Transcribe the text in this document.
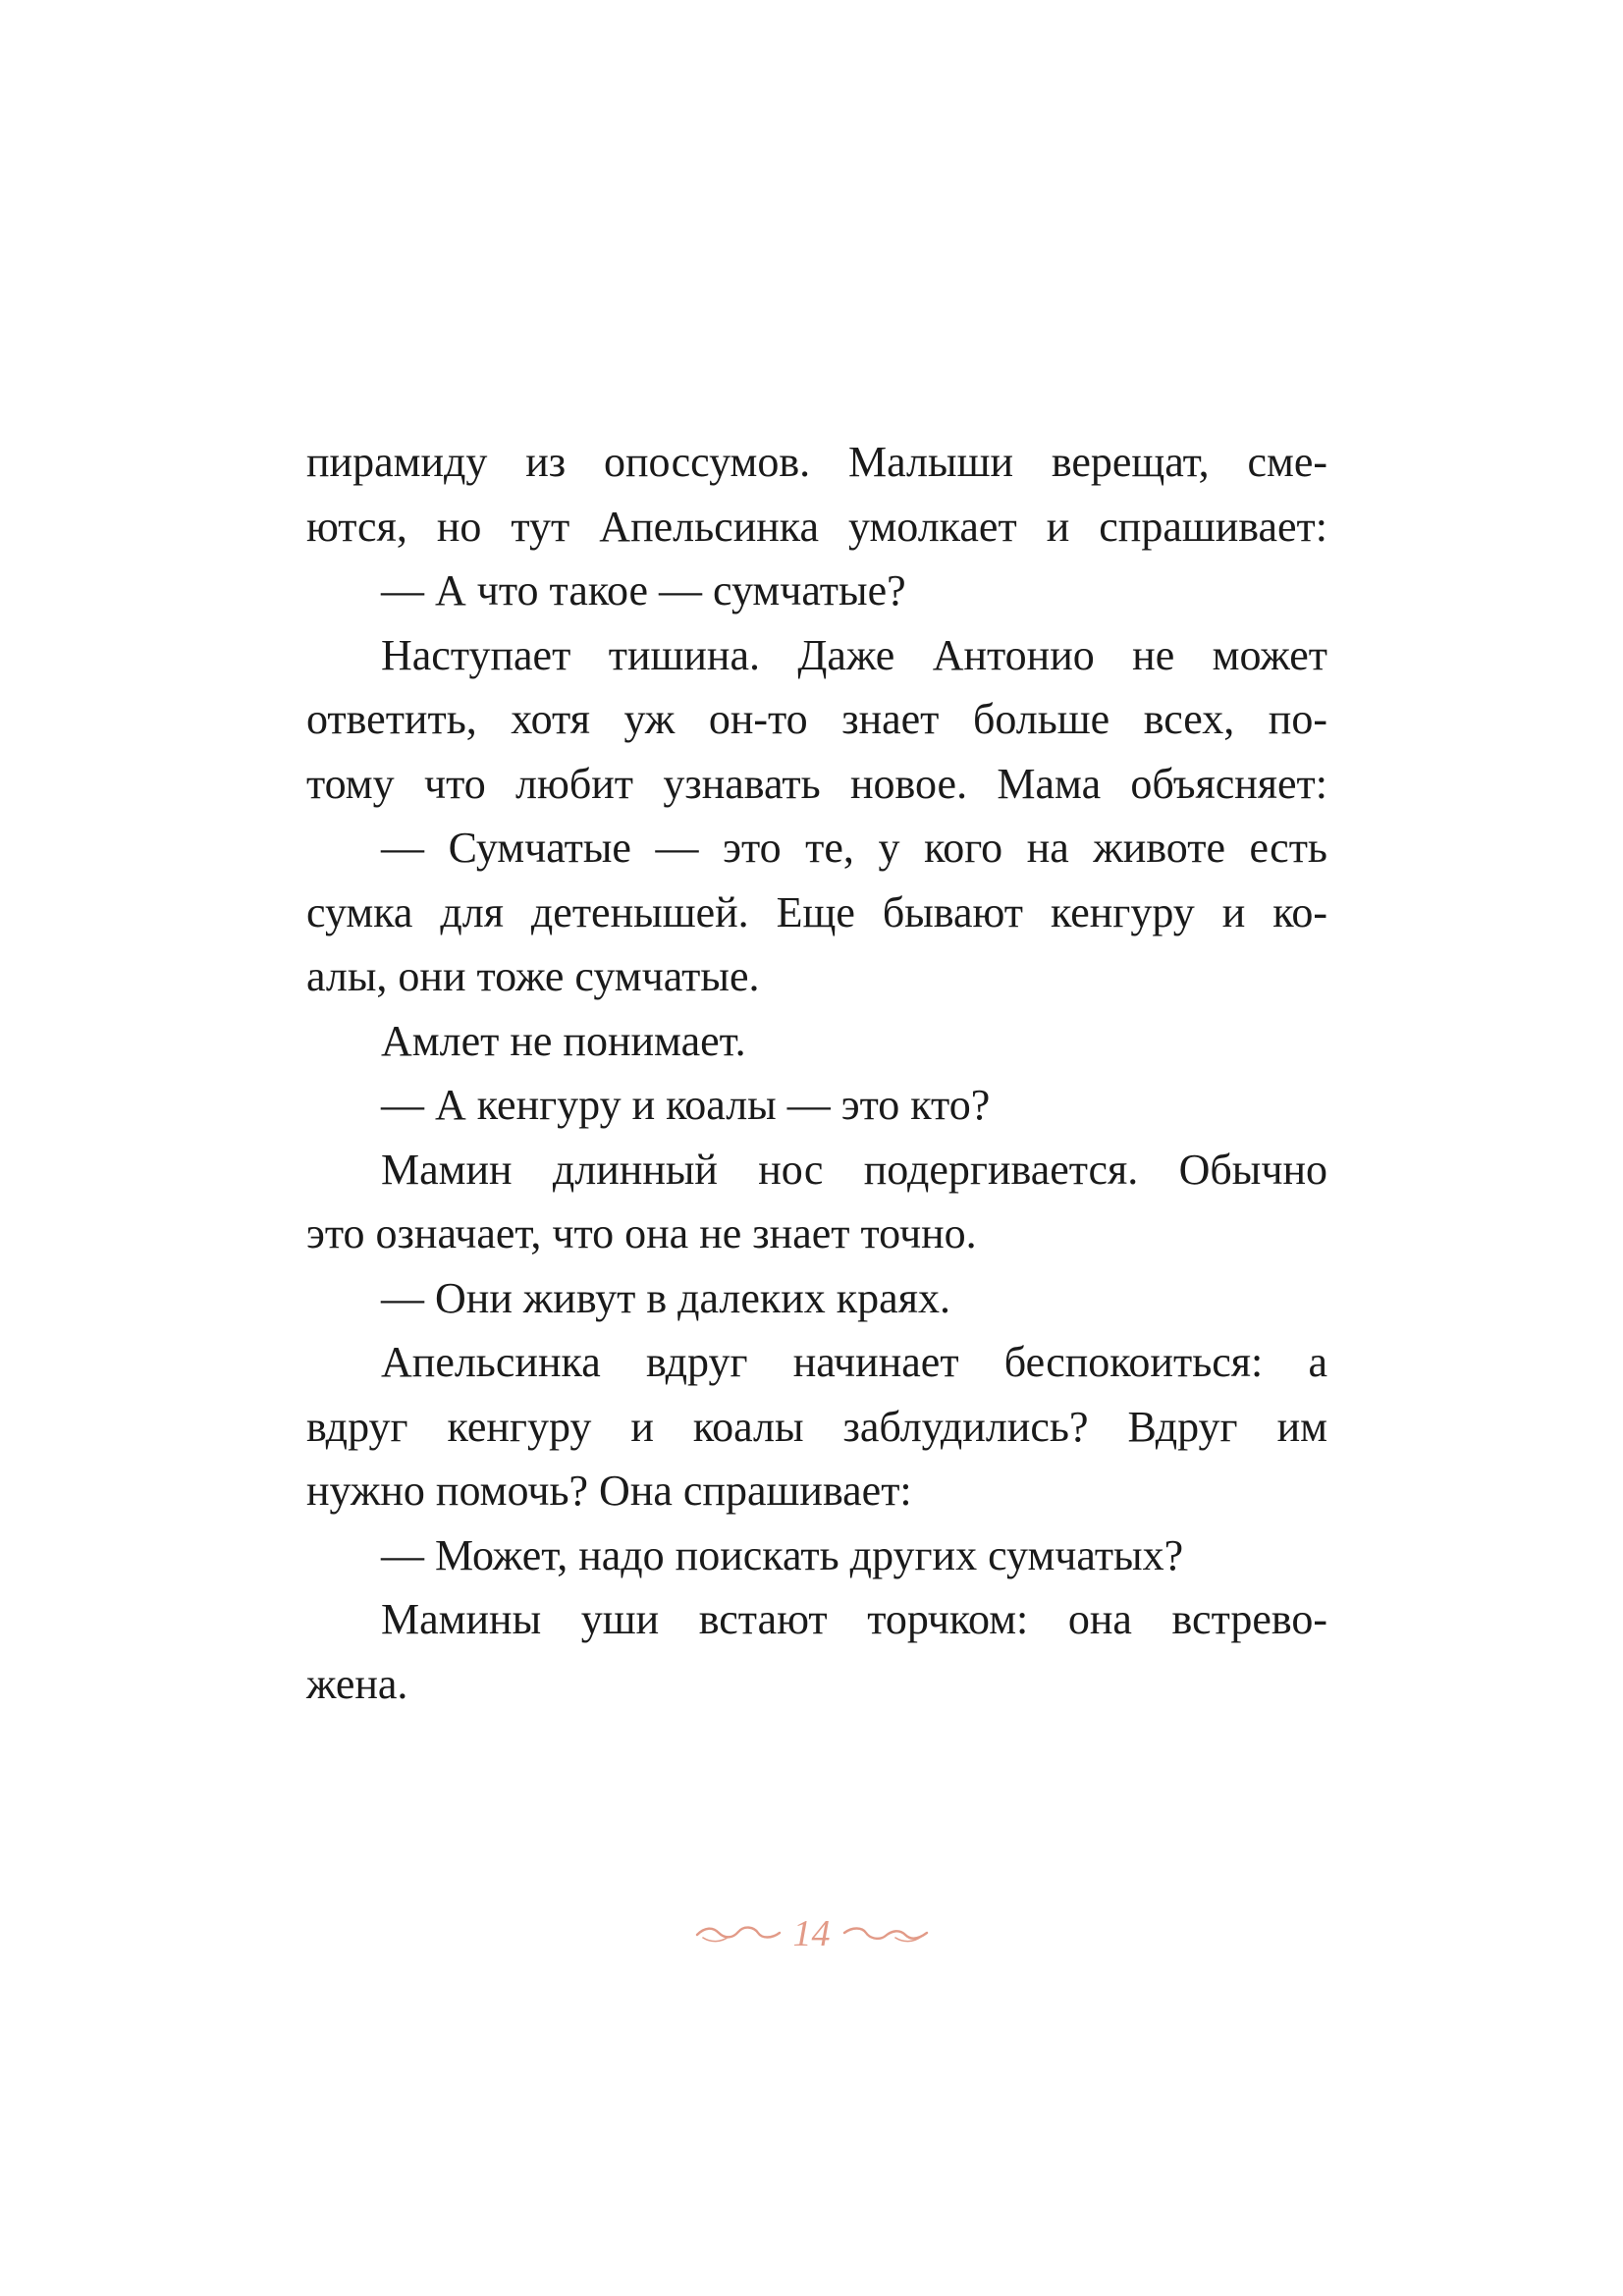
пирамиду из опоссумов. Малыши верещат, сме-
ются, но тут Апельсинка умолкает и спрашивает:
— А что такое — сумчатые?
Наступает тишина. Даже Антонио не может
ответить, хотя уж он-то знает больше всех, по-
тому что любит узнавать новое. Мама объясняет:
— Сумчатые — это те, у кого на животе есть
сумка для детенышей. Еще бывают кенгуру и ко-
алы, они тоже сумчатые.
Амлет не понимает.
— А кенгуру и коалы — это кто?
Мамин длинный нос подергивается. Обычно
это означает, что она не знает точно.
— Они живут в далеких краях.
Апельсинка вдруг начинает беспокоиться: а
вдруг кенгуру и коалы заблудились? Вдруг им
нужно помочь? Она спрашивает:
— Может, надо поискать других сумчатых?
Мамины уши встают торчком: она встрево-
жена.
14
